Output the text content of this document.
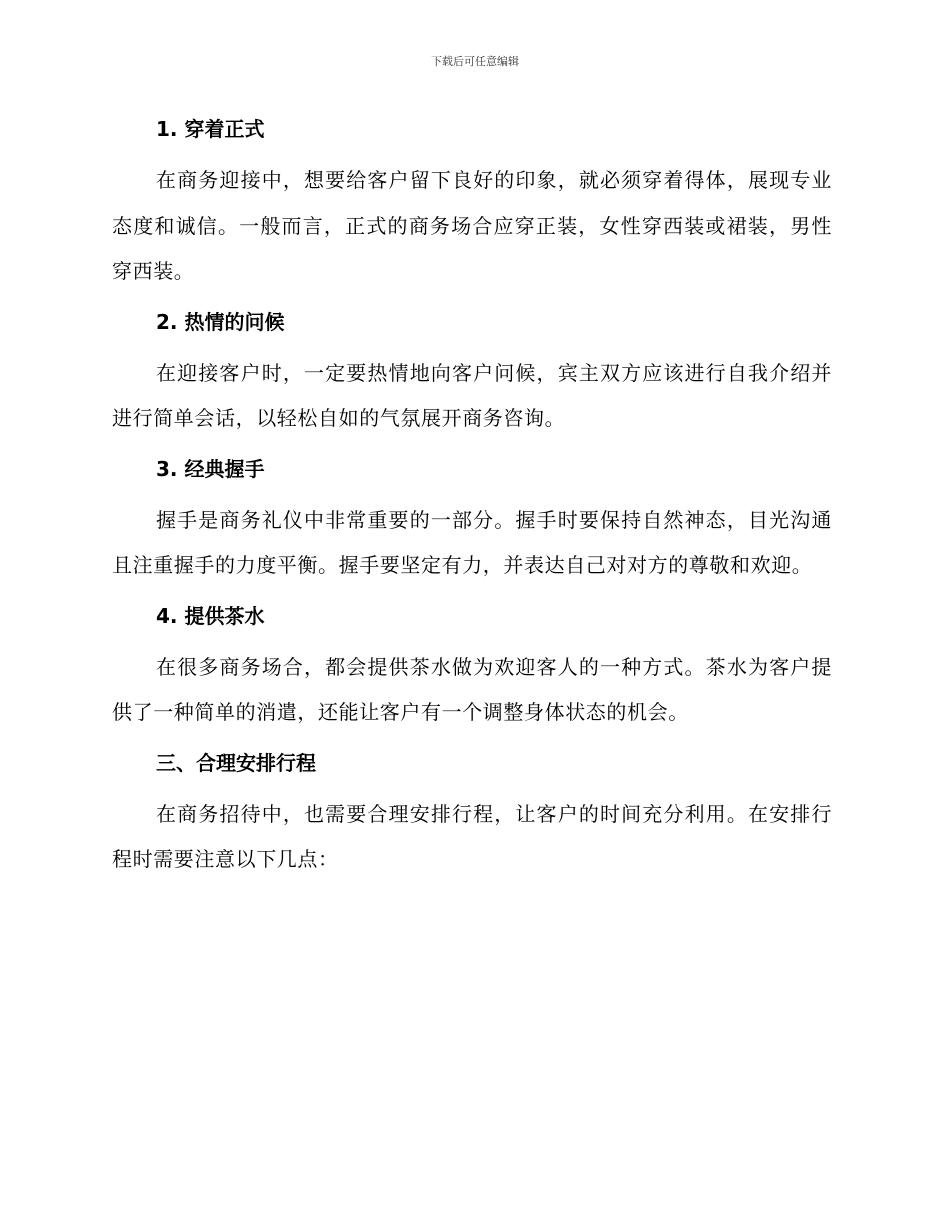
下载后可任意编辑
1. 穿着正式

在商务迎接中，想要给客户留下良好的印象，就必须穿着得体，展现专业态度和诚信。一般而言，正式的商务场合应穿正装，女性穿西装或裙装，男性穿西装。

2. 热情的问候

在迎接客户时，一定要热情地向客户问候，宾主双方应该进行自我介绍并进行简单会话，以轻松自如的气氛展开商务咨询。

3. 经典握手

握手是商务礼仪中非常重要的一部分。握手时要保持自然神态，目光沟通且注重握手的力度平衡。握手要坚定有力，并表达自己对对方的尊敬和欢迎。

4. 提供茶水

在很多商务场合，都会提供茶水做为欢迎客人的一种方式。茶水为客户提供了一种简单的消遣，还能让客户有一个调整身体状态的机会。

三、合理安排行程

在商务招待中，也需要合理安排行程，让客户的时间充分利用。在安排行程时需要注意以下几点：
